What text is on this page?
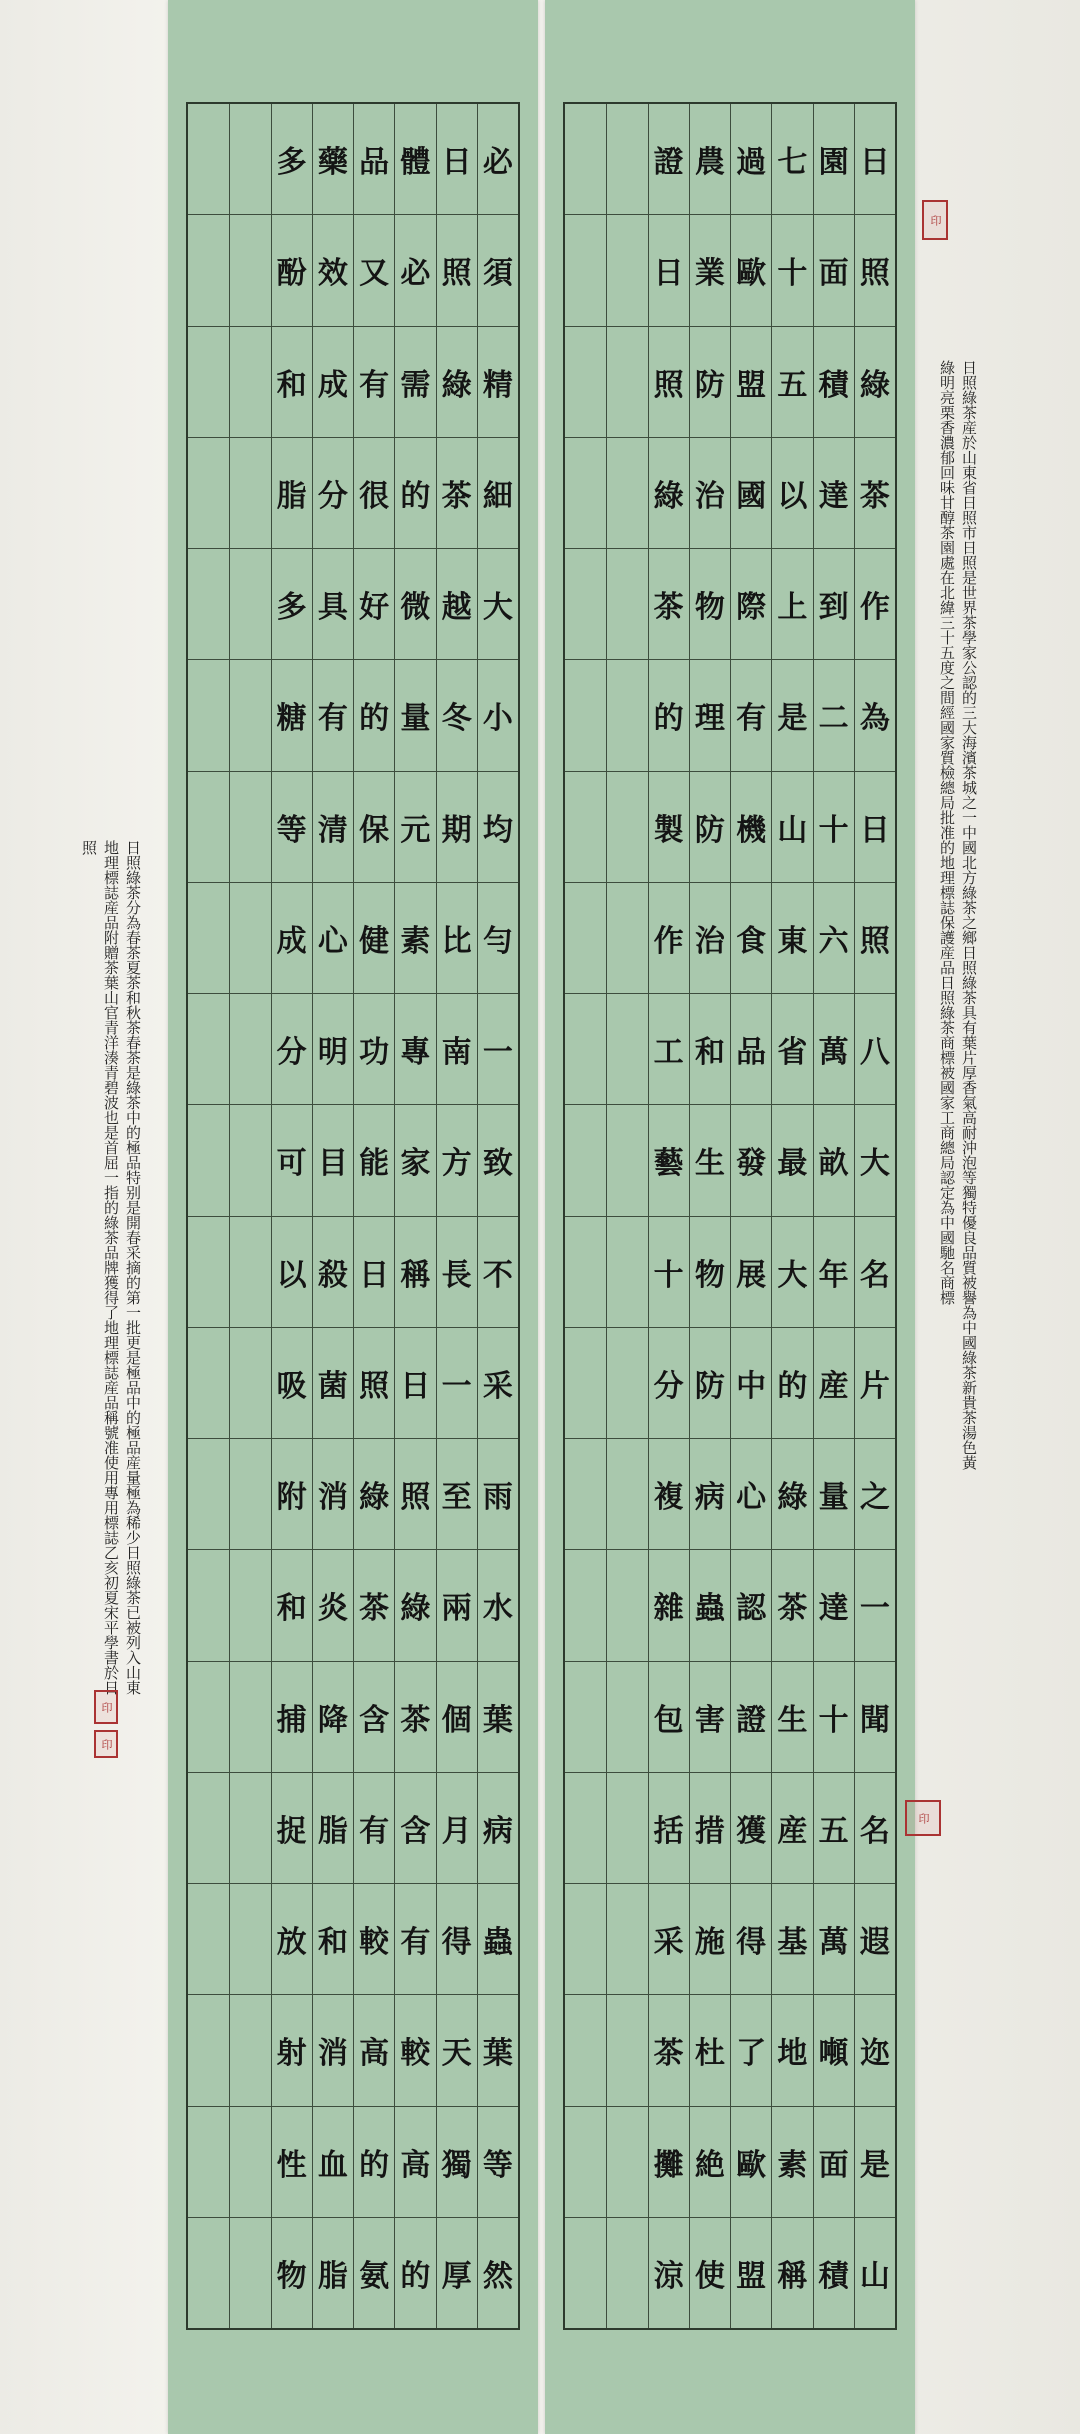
日
照
綠
茶
作
為
日
照
八
大
名
片
之
一
聞
名
遐
迩
是
山
園
面
積
達
到
二
十
六
萬
畝
年
産
量
達
十
五
萬
噸
面
積
七
十
五
以
上
是
山
東
省
最
大
的
綠
茶
生
産
基
地
素
稱
過
歐
盟
國
際
有
機
食
品
發
展
中
心
認
證
獲
得
了
歐
盟
農
業
防
治
物
理
防
治
和
生
物
防
病
蟲
害
措
施
杜
絶
使
證
日
照
綠
茶
的
製
作
工
藝
十
分
複
雜
包
括
采
茶
攤
涼
必
須
精
細
大
小
均
勻
一
致
不
采
雨
水
葉
病
蟲
葉
等
然
日
照
綠
茶
越
冬
期
比
南
方
長
一
至
兩
個
月
得
天
獨
厚
體
必
需
的
微
量
元
素
專
家
稱
日
照
綠
茶
含
有
較
高
的
品
又
有
很
好
的
保
健
功
能
日
照
綠
茶
含
有
較
高
的
氨
藥
效
成
分
具
有
清
心
明
目
殺
菌
消
炎
降
脂
和
消
血
脂
多
酚
和
脂
多
糖
等
成
分
可
以
吸
附
和
捕
捉
放
射
性
物
日照綠茶産於山東省日照市日照是世界茶學家公認的三大海濱茶城之一中國北方綠茶之鄉日照綠茶具有葉片厚香氣高耐沖泡等獨特優良品質被譽為中國綠茶新貴茶湯色黃綠明亮栗香濃郁回味甘醇茶園處在北緯三十五度之間經國家質檢總局批准的地理標誌保護産品日照綠茶商標被國家工商總局認定為中國馳名商標
日照綠茶分為春茶夏茶和秋茶春茶是綠茶中的極品特别是開春采摘的第一批更是極品中的極品産量極為稀少日照綠茶已被列入山東地理標誌産品附贈茶葉山官青洋湊青碧波也是首屈一指的綠茶品牌獲得了地理標誌産品稱號准使用專用標誌乙亥初夏宋平學書於日照
印
印
印
印
